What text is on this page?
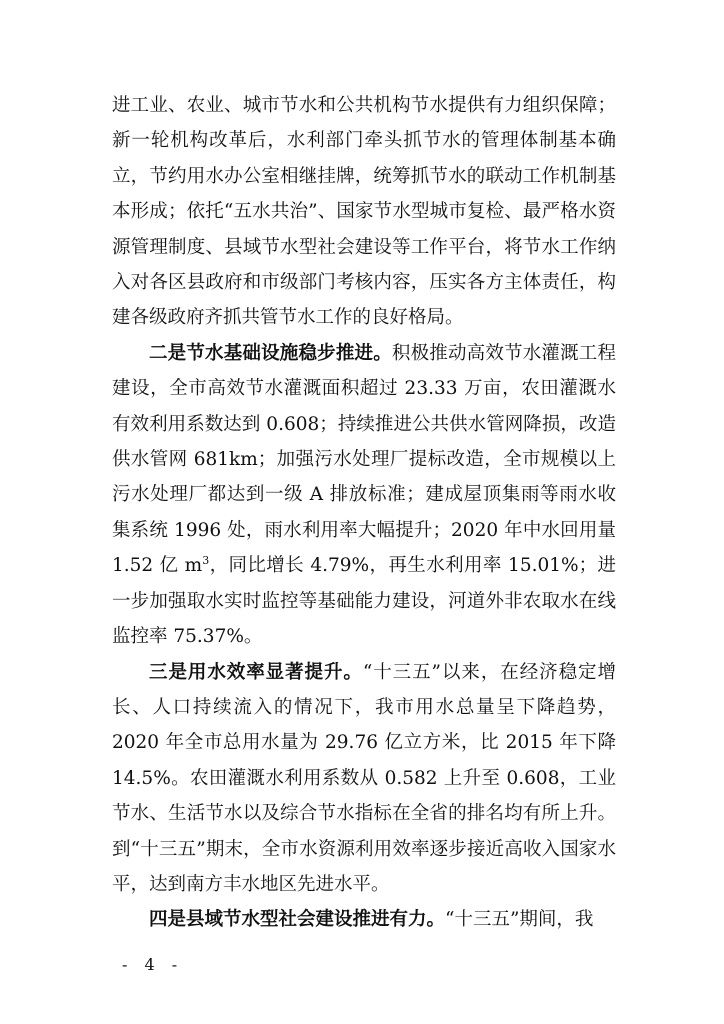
进工业、农业、城市节水和公共机构节水提供有力组织保障；新一轮机构改革后，水利部门牵头抓节水的管理体制基本确立，节约用水办公室相继挂牌，统筹抓节水的联动工作机制基本形成；依托“五水共治”、国家节水型城市复检、最严格水资源管理制度、县域节水型社会建设等工作平台，将节水工作纳入对各区县政府和市级部门考核内容，压实各方主体责任，构建各级政府齐抓共管节水工作的良好格局。

二是节水基础设施稳步推进。积极推动高效节水灌溉工程建设，全市高效节水灌溉面积超过 23.33 万亩，农田灌溉水有效利用系数达到 0.608；持续推进公共供水管网降损，改造供水管网 681km；加强污水处理厂提标改造，全市规模以上污水处理厂都达到一级 A 排放标准；建成屋顶集雨等雨水收集系统 1996 处，雨水利用率大幅提升；2020 年中水回用量 1.52 亿 $m^3$，同比增长 4.79%，再生水利用率 15.01%；进一步加强取水实时监控等基础能力建设，河道外非农取水在线监控率 75.37%。

三是用水效率显著提升。“十三五”以来，在经济稳定增长、人口持续流入的情况下，我市用水总量呈下降趋势，2020 年全市总用水量为 29.76 亿立方米，比 2015 年下降 14.5%。农田灌溉水利用系数从 0.582 上升至 0.608，工业节水、生活节水以及综合节水指标在全省的排名均有所上升。到“十三五”期末，全市水资源利用效率逐步接近高收入国家水平，达到南方丰水地区先进水平。

四是县域节水型社会建设推进有力。“十三五”期间，我

- 4 -
